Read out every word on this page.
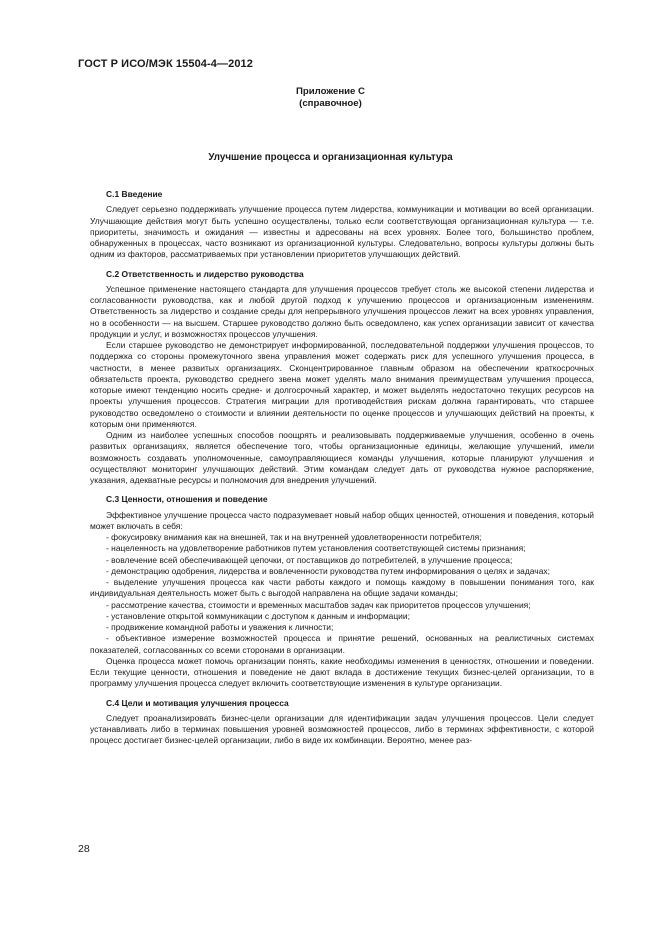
ГОСТ Р ИСО/МЭК 15504-4—2012
Приложение С
(справочное)
Улучшение процесса и организационная культура
С.1 Введение

Следует серьезно поддерживать улучшение процесса путем лидерства, коммуникации и мотивации во всей организации. Улучшающие действия могут быть успешно осуществлены, только если соответствующая организационная культура — т.е. приоритеты, значимость и ожидания — известны и адресованы на всех уровнях. Более того, большинство проблем, обнаруженных в процессах, часто возникают из организационной культуры. Следовательно, вопросы культуры должны быть одним из факторов, рассматриваемых при установлении приоритетов улучшающих действий.

С.2 Ответственность и лидерство руководства

Успешное применение настоящего стандарта для улучшения процессов требует столь же высокой степени лидерства и согласованности руководства, как и любой другой подход к улучшению процессов и организационным изменениям. Ответственность за лидерство и создание среды для непрерывного улучшения процессов лежит на всех уровнях управления, но в особенности — на высшем. Старшее руководство должно быть осведомлено, как успех организации зависит от качества продукции и услуг, и возможностях процессов улучшения.

Если старшее руководство не демонстрирует информированной, последовательной поддержки улучшения процессов, то поддержка со стороны промежуточного звена управления может содержать риск для успешного улучшения процесса, в частности, в менее развитых организациях. Сконцентрированное главным образом на обеспечении краткосрочных обязательств проекта, руководство среднего звена может уделять мало внимания преимуществам улучшения процесса, которые имеют тенденцию носить средне- и долгосрочный характер, и может выделять недостаточно текущих ресурсов на проекты улучшения процессов. Стратегия миграции для противодействия рискам должна гарантировать, что старшее руководство осведомлено о стоимости и влиянии деятельности по оценке процессов и улучшающих действий на проекты, к которым они применяются.

Одним из наиболее успешных способов поощрять и реализовывать поддерживаемые улучшения, особенно в очень развитых организациях, является обеспечение того, чтобы организационные единицы, желающие улучшений, имели возможность создавать уполномоченные, самоуправляющиеся команды улучшения, которые планируют улучшения и осуществляют мониторинг улучшающих действий. Этим командам следует дать от руководства нужное распоряжение, указания, адекватные ресурсы и полномочия для внедрения улучшений.

С.3 Ценности, отношения и поведение

Эффективное улучшение процесса часто подразумевает новый набор общих ценностей, отношения и поведения, который может включать в себя:

- фокусировку внимания как на внешней, так и на внутренней удовлетворенности потребителя;
- нацеленность на удовлетворение работников путем установления соответствующей системы признания;
- вовлечение всей обеспечивающей цепочки, от поставщиков до потребителей, в улучшение процесса;
- демонстрацию одобрения, лидерства и вовлеченности руководства путем информирования о целях и задачах;
- выделение улучшения процесса как части работы каждого и помощь каждому в повышении понимания того, как индивидуальная деятельность может быть с выгодой направлена на общие задачи команды;
- рассмотрение качества, стоимости и временных масштабов задач как приоритетов процессов улучшения;
- установление открытой коммуникации с доступом к данным и информации;
- продвижение командной работы и уважения к личности;
- объективное измерение возможностей процесса и принятие решений, основанных на реалистичных системах показателей, согласованных со всеми сторонами в организации.

Оценка процесса может помочь организации понять, какие необходимы изменения в ценностях, отношении и поведении. Если текущие ценности, отношения и поведение не дают вклада в достижение текущих бизнес-целей организации, то в программу улучшения процесса следует включить соответствующие изменения в культуре организации.

С.4 Цели и мотивация улучшения процесса

Следует проанализировать бизнес-цели организации для идентификации задач улучшения процессов. Цели следует устанавливать либо в терминах повышения уровней возможностей процессов, либо в терминах эффективности, с которой процесс достигает бизнес-целей организации, либо в виде их комбинации. Вероятно, менее раз-

28
